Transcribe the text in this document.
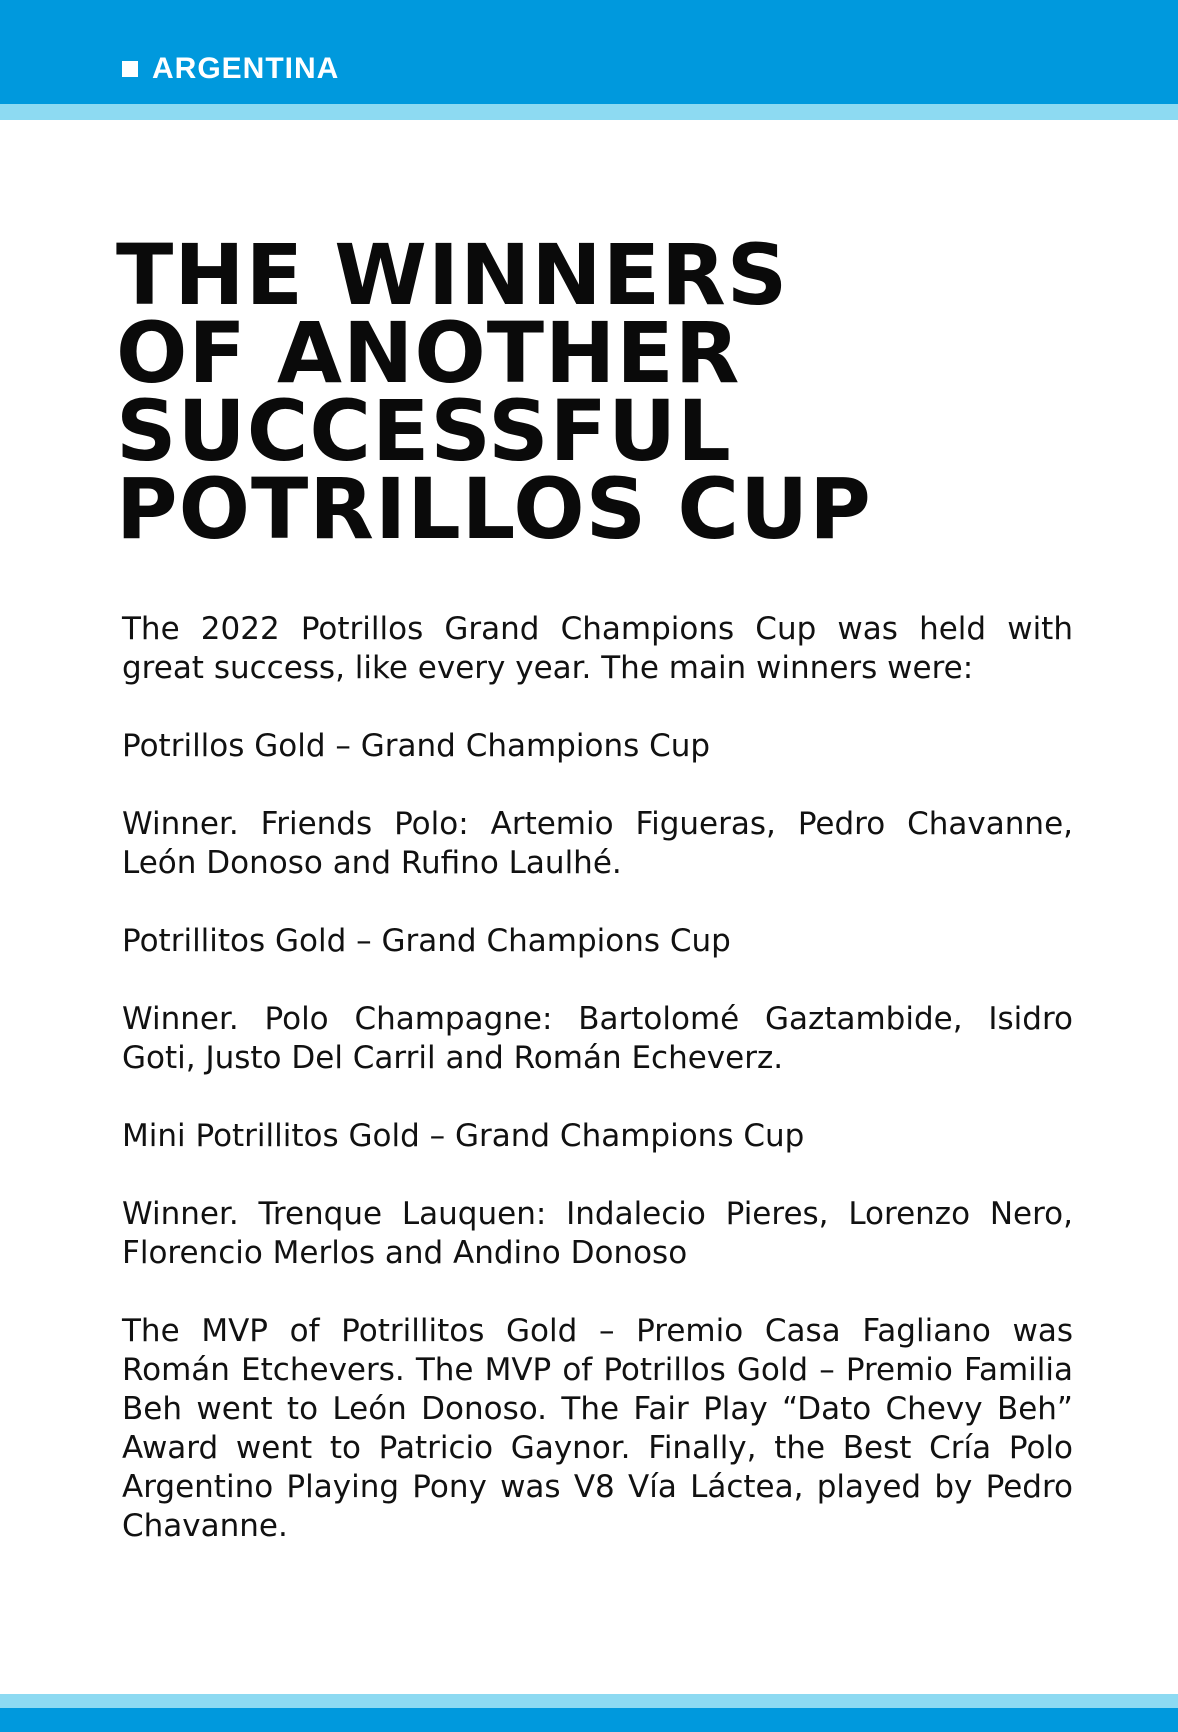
ARGENTINA
THE WINNERS
OF ANOTHER
SUCCESSFUL
POTRILLOS CUP

The 2022 Potrillos Grand Champions Cup was held with great success, like every year. The main winners were:

Potrillos Gold – Grand Champions Cup

Winner. Friends Polo: Artemio Figueras, Pedro Chavanne, León Donoso and Rufino Laulhé.

Potrillitos Gold – Grand Champions Cup

Winner. Polo Champagne: Bartolomé Gaztambide, Isidro Goti, Justo Del Carril and Román Echeverz.

Mini Potrillitos Gold – Grand Champions Cup

Winner. Trenque Lauquen: Indalecio Pieres, Lorenzo Nero, Florencio Merlos and Andino Donoso

The MVP of Potrillitos Gold – Premio Casa Fagliano was Román Etchevers. The MVP of Potrillos Gold – Premio Familia Beh went to León Donoso. The Fair Play “Dato Chevy Beh” Award went to Patricio Gaynor. Finally, the Best Cría Polo Argentino Playing Pony was V8 Vía Láctea, played by Pedro Chavanne.
